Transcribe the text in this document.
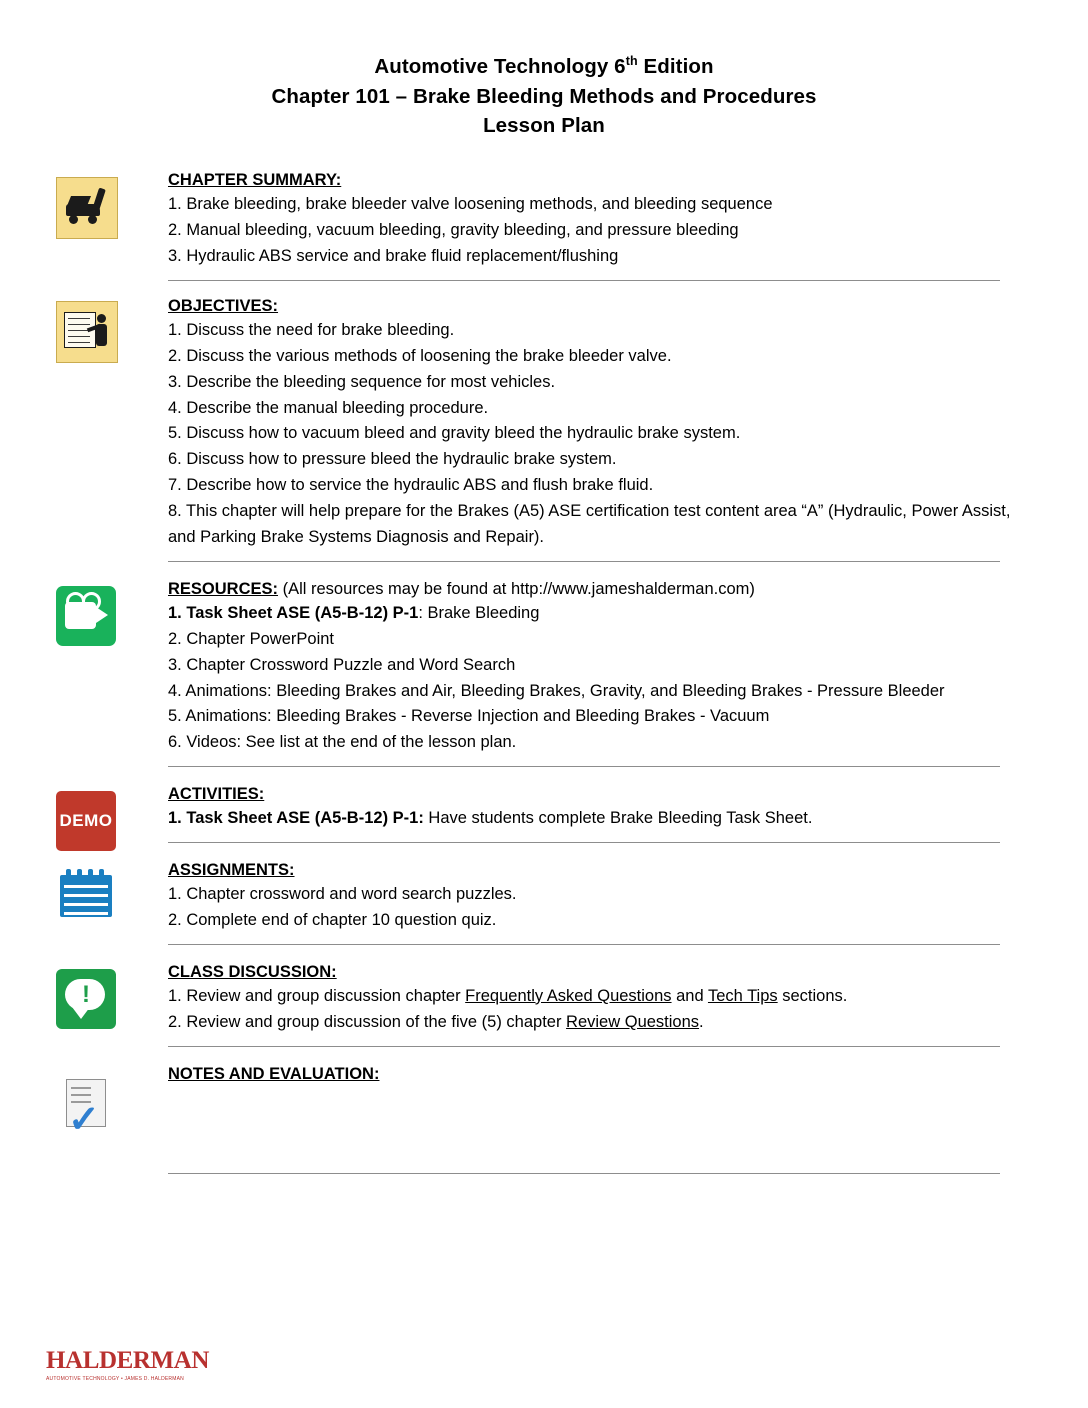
Automotive Technology 6th Edition
Chapter 101 – Brake Bleeding Methods and Procedures
Lesson Plan
CHAPTER SUMMARY:

1. Brake bleeding, brake bleeder valve loosening methods, and bleeding sequence

2. Manual bleeding, vacuum bleeding, gravity bleeding, and pressure bleeding

3. Hydraulic ABS service and brake fluid replacement/flushing

OBJECTIVES:

1. Discuss the need for brake bleeding.

2. Discuss the various methods of loosening the brake bleeder valve.

3. Describe the bleeding sequence for most vehicles.

4. Describe the manual bleeding procedure.

5. Discuss how to vacuum bleed and gravity bleed the hydraulic brake system.

6. Discuss how to pressure bleed the hydraulic brake system.

7. Describe how to service the hydraulic ABS and flush brake fluid.

8. This chapter will help prepare for the Brakes (A5) ASE certification test content area “A” (Hydraulic, Power Assist, and Parking Brake Systems Diagnosis and Repair).

RESOURCES: (All resources may be found at http://www.jameshalderman.com)

1. Task Sheet ASE (A5-B-12) P-1: Brake Bleeding

2. Chapter PowerPoint

3. Chapter Crossword Puzzle and Word Search

4. Animations: Bleeding Brakes and Air, Bleeding Brakes, Gravity, and Bleeding Brakes - Pressure Bleeder

5. Animations: Bleeding Brakes - Reverse Injection and Bleeding Brakes - Vacuum

6. Videos: See list at the end of the lesson plan.

DEMO
ACTIVITIES:

1. Task Sheet ASE (A5-B-12) P-1: Have students complete Brake Bleeding Task Sheet.

ASSIGNMENTS:

1. Chapter crossword and word search puzzles.

2. Complete end of chapter 10 question quiz.

!
CLASS DISCUSSION:

1. Review and group discussion chapter Frequently Asked Questions and Tech Tips sections.

2. Review and group discussion of the five (5) chapter Review Questions.

✓
NOTES AND EVALUATION:
HALDERMAN
AUTOMOTIVE TECHNOLOGY • JAMES D. HALDERMAN
